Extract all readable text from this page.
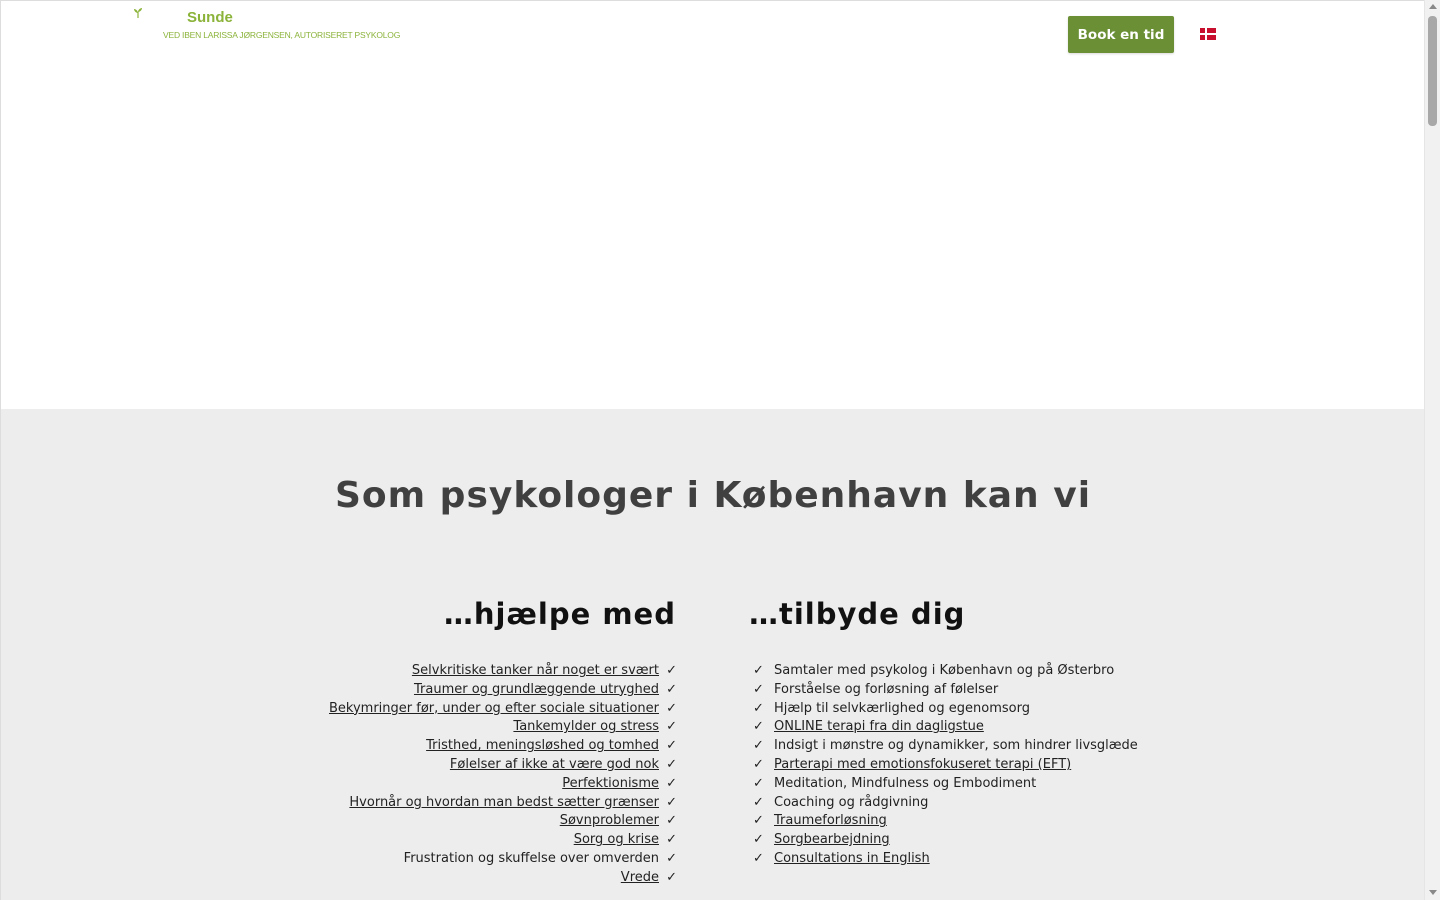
Sunde
VED IBEN LARISSA JØRGENSEN, AUTORISERET PSYKOLOG	Book en tid
Som psykologer i København kan vi
…hjælpe med
Selvkritiske tanker når noget er svært ✓
Traumer og grundlæggende utryghed ✓
Bekymringer før, under og efter sociale situationer ✓
Tankemylder og stress ✓
Tristhed, meningsløshed og tomhed ✓
Følelser af ikke at være god nok ✓
Perfektionisme ✓
Hvornår og hvordan man bedst sætter grænser ✓
Søvnproblemer ✓
Sorg og krise ✓
Frustration og skuffelse over omverden ✓
Vrede ✓
…tilbyde dig
✓ Samtaler med psykolog i København og på Østerbro
✓ Forståelse og forløsning af følelser
✓ Hjælp til selvkærlighed og egenomsorg
✓ ONLINE terapi fra din dagligstue
✓ Indsigt i mønstre og dynamikker, som hindrer livsglæde
✓ Parterapi med emotionsfokuseret terapi (EFT)
✓ Meditation, Mindfulness og Embodiment
✓ Coaching og rådgivning
✓ Traumeforløsning
✓ Sorgbearbejdning
✓ Consultations in English
